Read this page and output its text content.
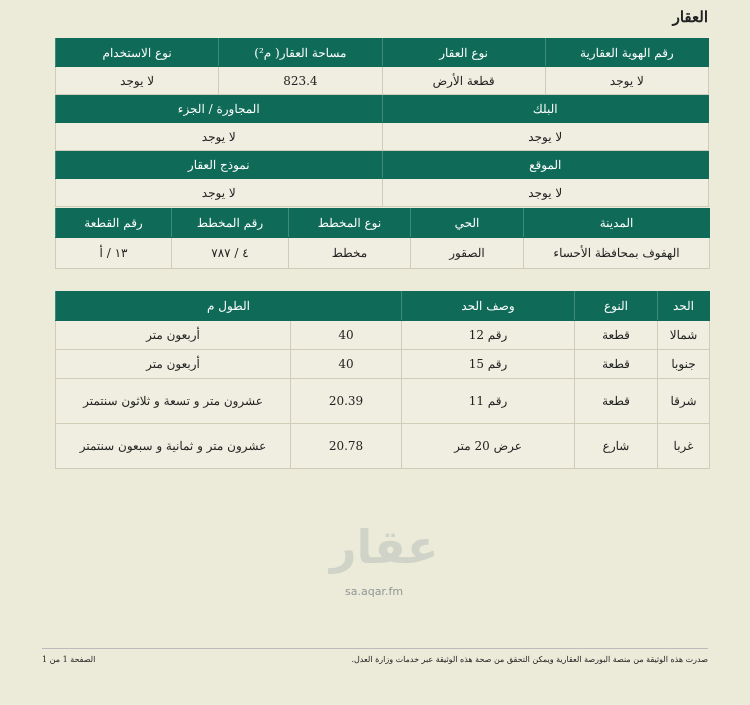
العقار
رقم الهوية العقارية	نوع العقار	مساحة العقار( م²)	نوع الاستخدام
لا يوجد	قطعة الأرض	823.4	لا يوجد
البلك		المجاورة / الجزء	
لا يوجد		لا يوجد	
الموقع		نموذج العقار	
لا يوجد		لا يوجد	
المدينة	الحي	نوع المخطط	رقم المخطط	رقم القطعة
الهفوف بمحافظة الأحساء	الصقور	مخطط	٤ / ٧٨٧	١٣ / أ
الحد	النوع	وصف الحد	الطول م	
شمالا	قطعة	رقم 12	40	أربعون متر
جنوبا	قطعة	رقم 15	40	أربعون متر
شرقا	قطعة	رقم 11	20.39	عشرون متر و تسعة و ثلاثون سنتمتر
غربا	شارع	عرض 20 متر	20.78	عشرون متر و ثمانية و سبعون سنتمتر
عقار
sa.aqar.fm
صدرت هذه الوثيقة من منصة البورصة العقارية ويمكن التحقق من صحة هذه الوثيقة عبر خدمات وزارة العدل.
الصفحة 1 من 1
